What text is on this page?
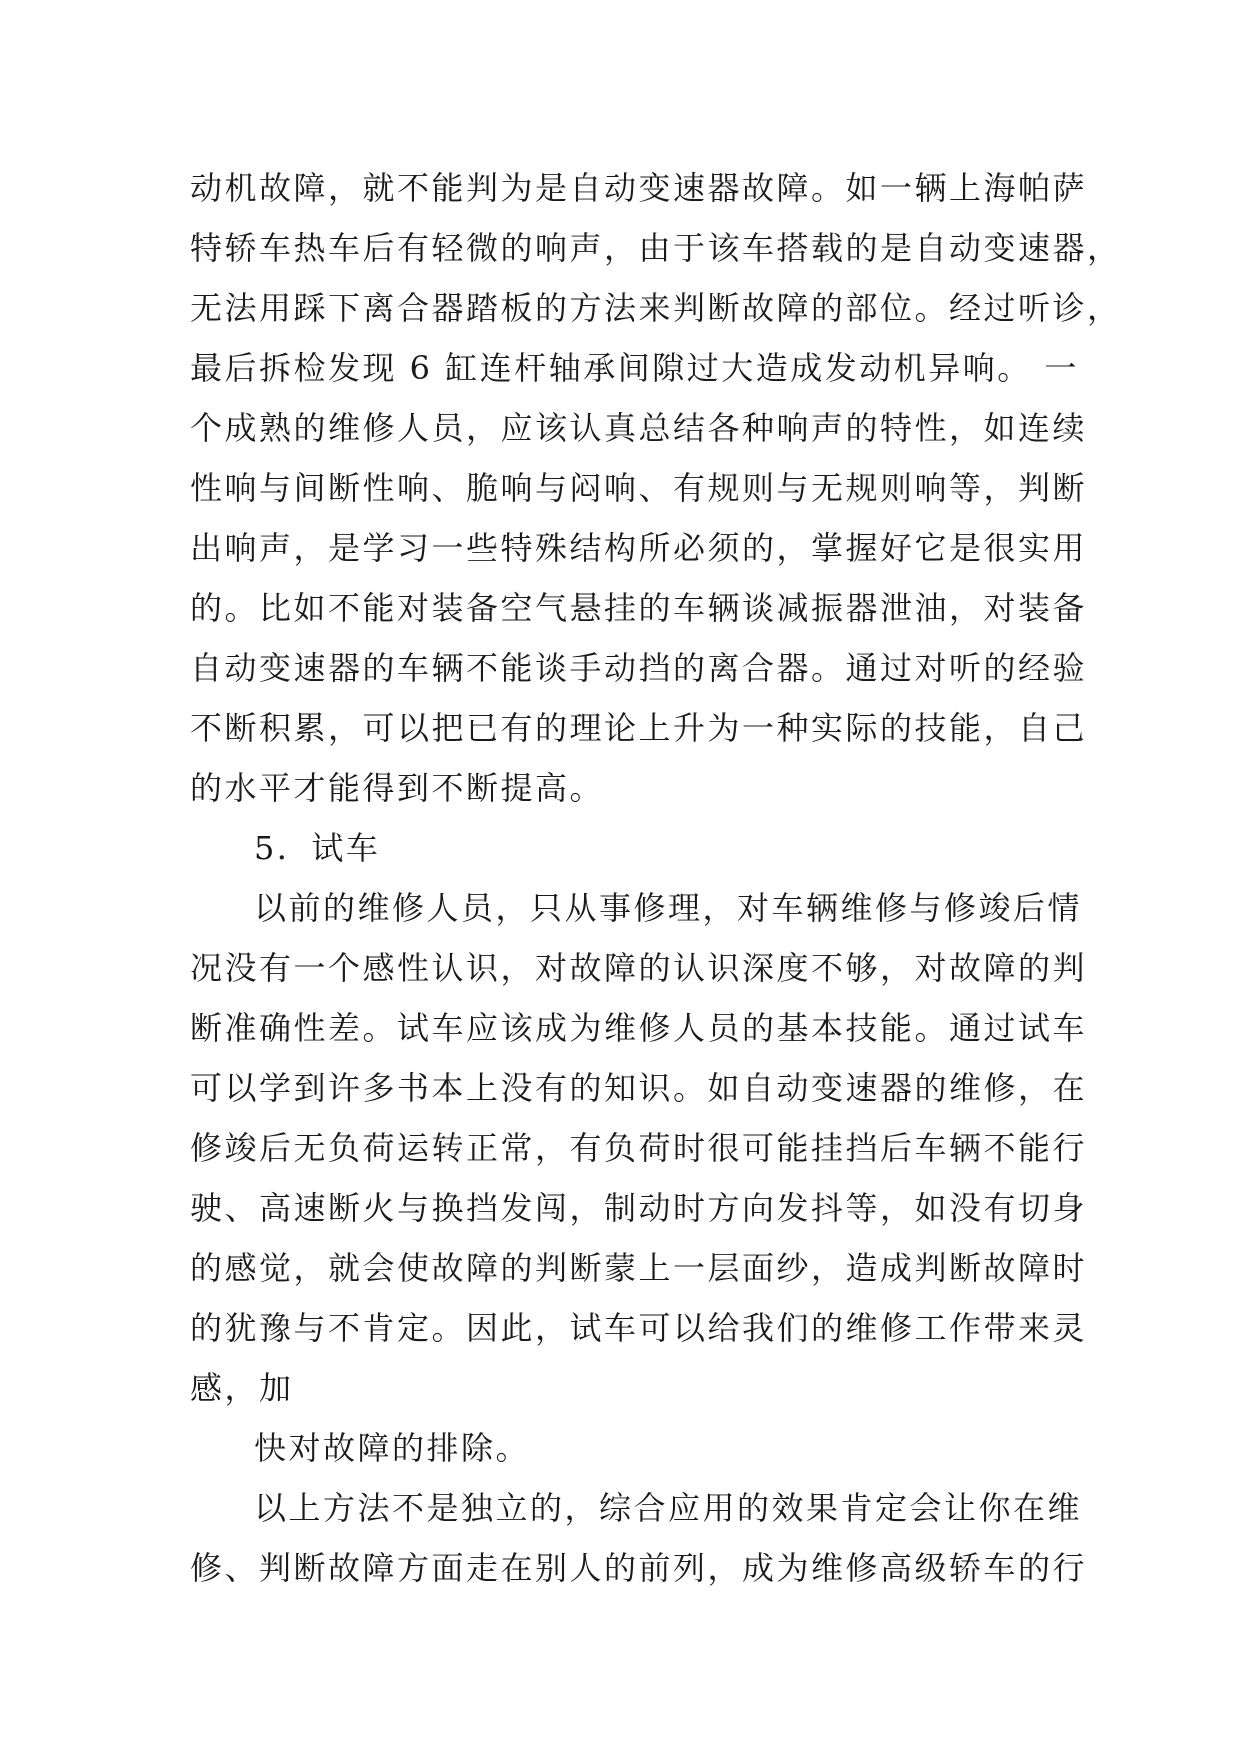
动机故障，就不能判为是自动变速器故障。如一辆上海帕萨
特轿车热车后有轻微的响声，由于该车搭载的是自动变速器，
无法用踩下离合器踏板的方法来判断故障的部位。经过听诊，
最后拆检发现 6 缸连杆轴承间隙过大造成发动机异响。 一
个成熟的维修人员，应该认真总结各种响声的特性，如连续
性响与间断性响、脆响与闷响、有规则与无规则响等，判断
出响声，是学习一些特殊结构所必须的，掌握好它是很实用
的。比如不能对装备空气悬挂的车辆谈减振器泄油，对装备
自动变速器的车辆不能谈手动挡的离合器。通过对听的经验
不断积累，可以把已有的理论上升为一种实际的技能，自己
的水平才能得到不断提高。
5．试车
以前的维修人员，只从事修理，对车辆维修与修竣后情
况没有一个感性认识，对故障的认识深度不够，对故障的判
断准确性差。试车应该成为维修人员的基本技能。通过试车
可以学到许多书本上没有的知识。如自动变速器的维修，在
修竣后无负荷运转正常，有负荷时很可能挂挡后车辆不能行
驶、高速断火与换挡发闯，制动时方向发抖等，如没有切身
的感觉，就会使故障的判断蒙上一层面纱，造成判断故障时
的犹豫与不肯定。因此，试车可以给我们的维修工作带来灵
感，加
快对故障的排除。
以上方法不是独立的，综合应用的效果肯定会让你在维
修、判断故障方面走在别人的前列，成为维修高级轿车的行
